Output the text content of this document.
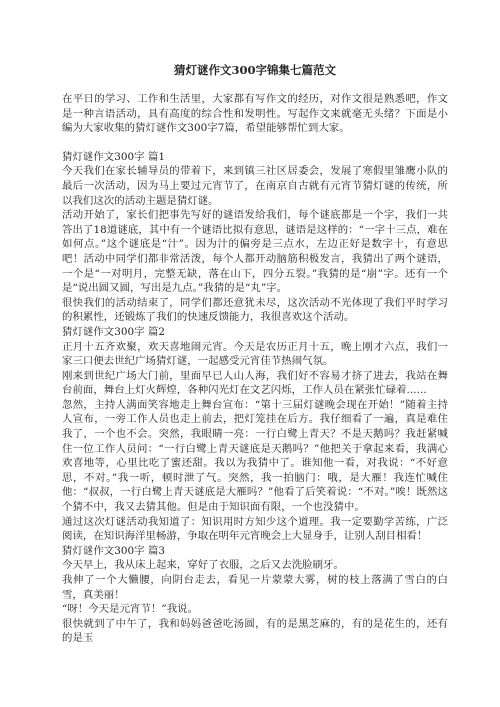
猜灯谜作文300字锦集七篇范文

在平日的学习、工作和生活里，大家都有写作文的经历，对作文很是熟悉吧，作文是一种言语活动，具有高度的综合性和发明性。写起作文来就毫无头绪？下面是小编为大家收集的猜灯谜作文300字7篇，希望能够帮忙到大家。

猜灯谜作文300字 篇1

今天我们在家长辅导员的带着下，来到镇三社区居委会，发展了寒假里雏鹰小队的最后一次活动，因为马上要过元宵节了，在南京自古就有元宵节猜灯谜的传统，所以我们这次的活动主题是猜灯谜。

活动开始了，家长们把事先写好的谜语发给我们，每个谜底都是一个字，我们一共答出了18道谜底，其中有一个谜语比拟有意思，谜语是这样的：“一字十三点，难在如何点。”这个谜底是“汁”。因为汁的偏旁是三点水，左边正好是数字十，有意思吧！活动中同学们都非常活泼，每个人都开动脑筋积极发言，我猜出了两个谜语，一个是“一对明月，完整无缺，落在山下，四分五裂。”我猜的是“崩”字。还有一个是“说出圆又圆，写出是九点。”我猜的是“丸”字。

很快我们的活动结束了，同学们都还意犹未尽，这次活动不光体现了我们平时学习的积累性，还锻炼了我们的快速反馈能力，我很喜欢这个活动。

猜灯谜作文300字 篇2

正月十五齐欢聚，欢天喜地闹元宵。今天是农历正月十五，晚上刚才六点，我们一家三口便去世纪广场猜灯谜，一起感受元宵佳节热闹气氛。

刚来到世纪广场大门前，里面早已人山人海，我们好不容易才挤了进去，我站在舞台前面，舞台上灯火辉煌，各种闪光灯在文艺闪烁，工作人员在紧张忙碌着......

忽然，主持人满面笑容地走上舞台宣布：“第十三届灯谜晚会现在开始！”随着主持人宣布，一旁工作人员也走上前去，把灯笼挂在后方。我仔细看了一遍，真是难住我了，一个也不会。突然，我眼睛一亮：一行白鹭上青天？不是天鹅吗？我赶紧喊住一位工作人员问：“一行白鹭上青天谜底是天鹅吗？”他把关于拿起来看，我满心欢喜地等，心里比吃了蜜还甜。我以为我猜中了。谁知他一看，对我说：“不好意思，不对。”我一听，顿时泄了气。突然，我一拍脑门：哦，是大雁！我连忙喊住他：“叔叔，一行白鹭上青天谜底是大雁吗？”他看了后笑着说：“不对。”唉！既然这个猜不中，我又去猜其他。但是由于知识面有限，一个也没猜中。

通过这次灯谜活动我知道了：知识用时方知少这个道理。我一定要勤学苦练，广泛阅读，在知识海洋里畅游，争取在明年元宵晚会上大显身手，让别人刮目相看！

猜灯谜作文300字 篇3

今天早上，我从床上起来，穿好了衣服，之后又去洗脸刷牙。

我伸了一个大懒腰，向阴台走去，看见一片蒙蒙大雾，树的枝上落满了雪白的白雪，真美丽！

“呀！今天是元宵节！”我说。

很快就到了中午了，我和妈妈爸爸吃汤圆，有的是黑芝麻的，有的是花生的，还有的是玉
